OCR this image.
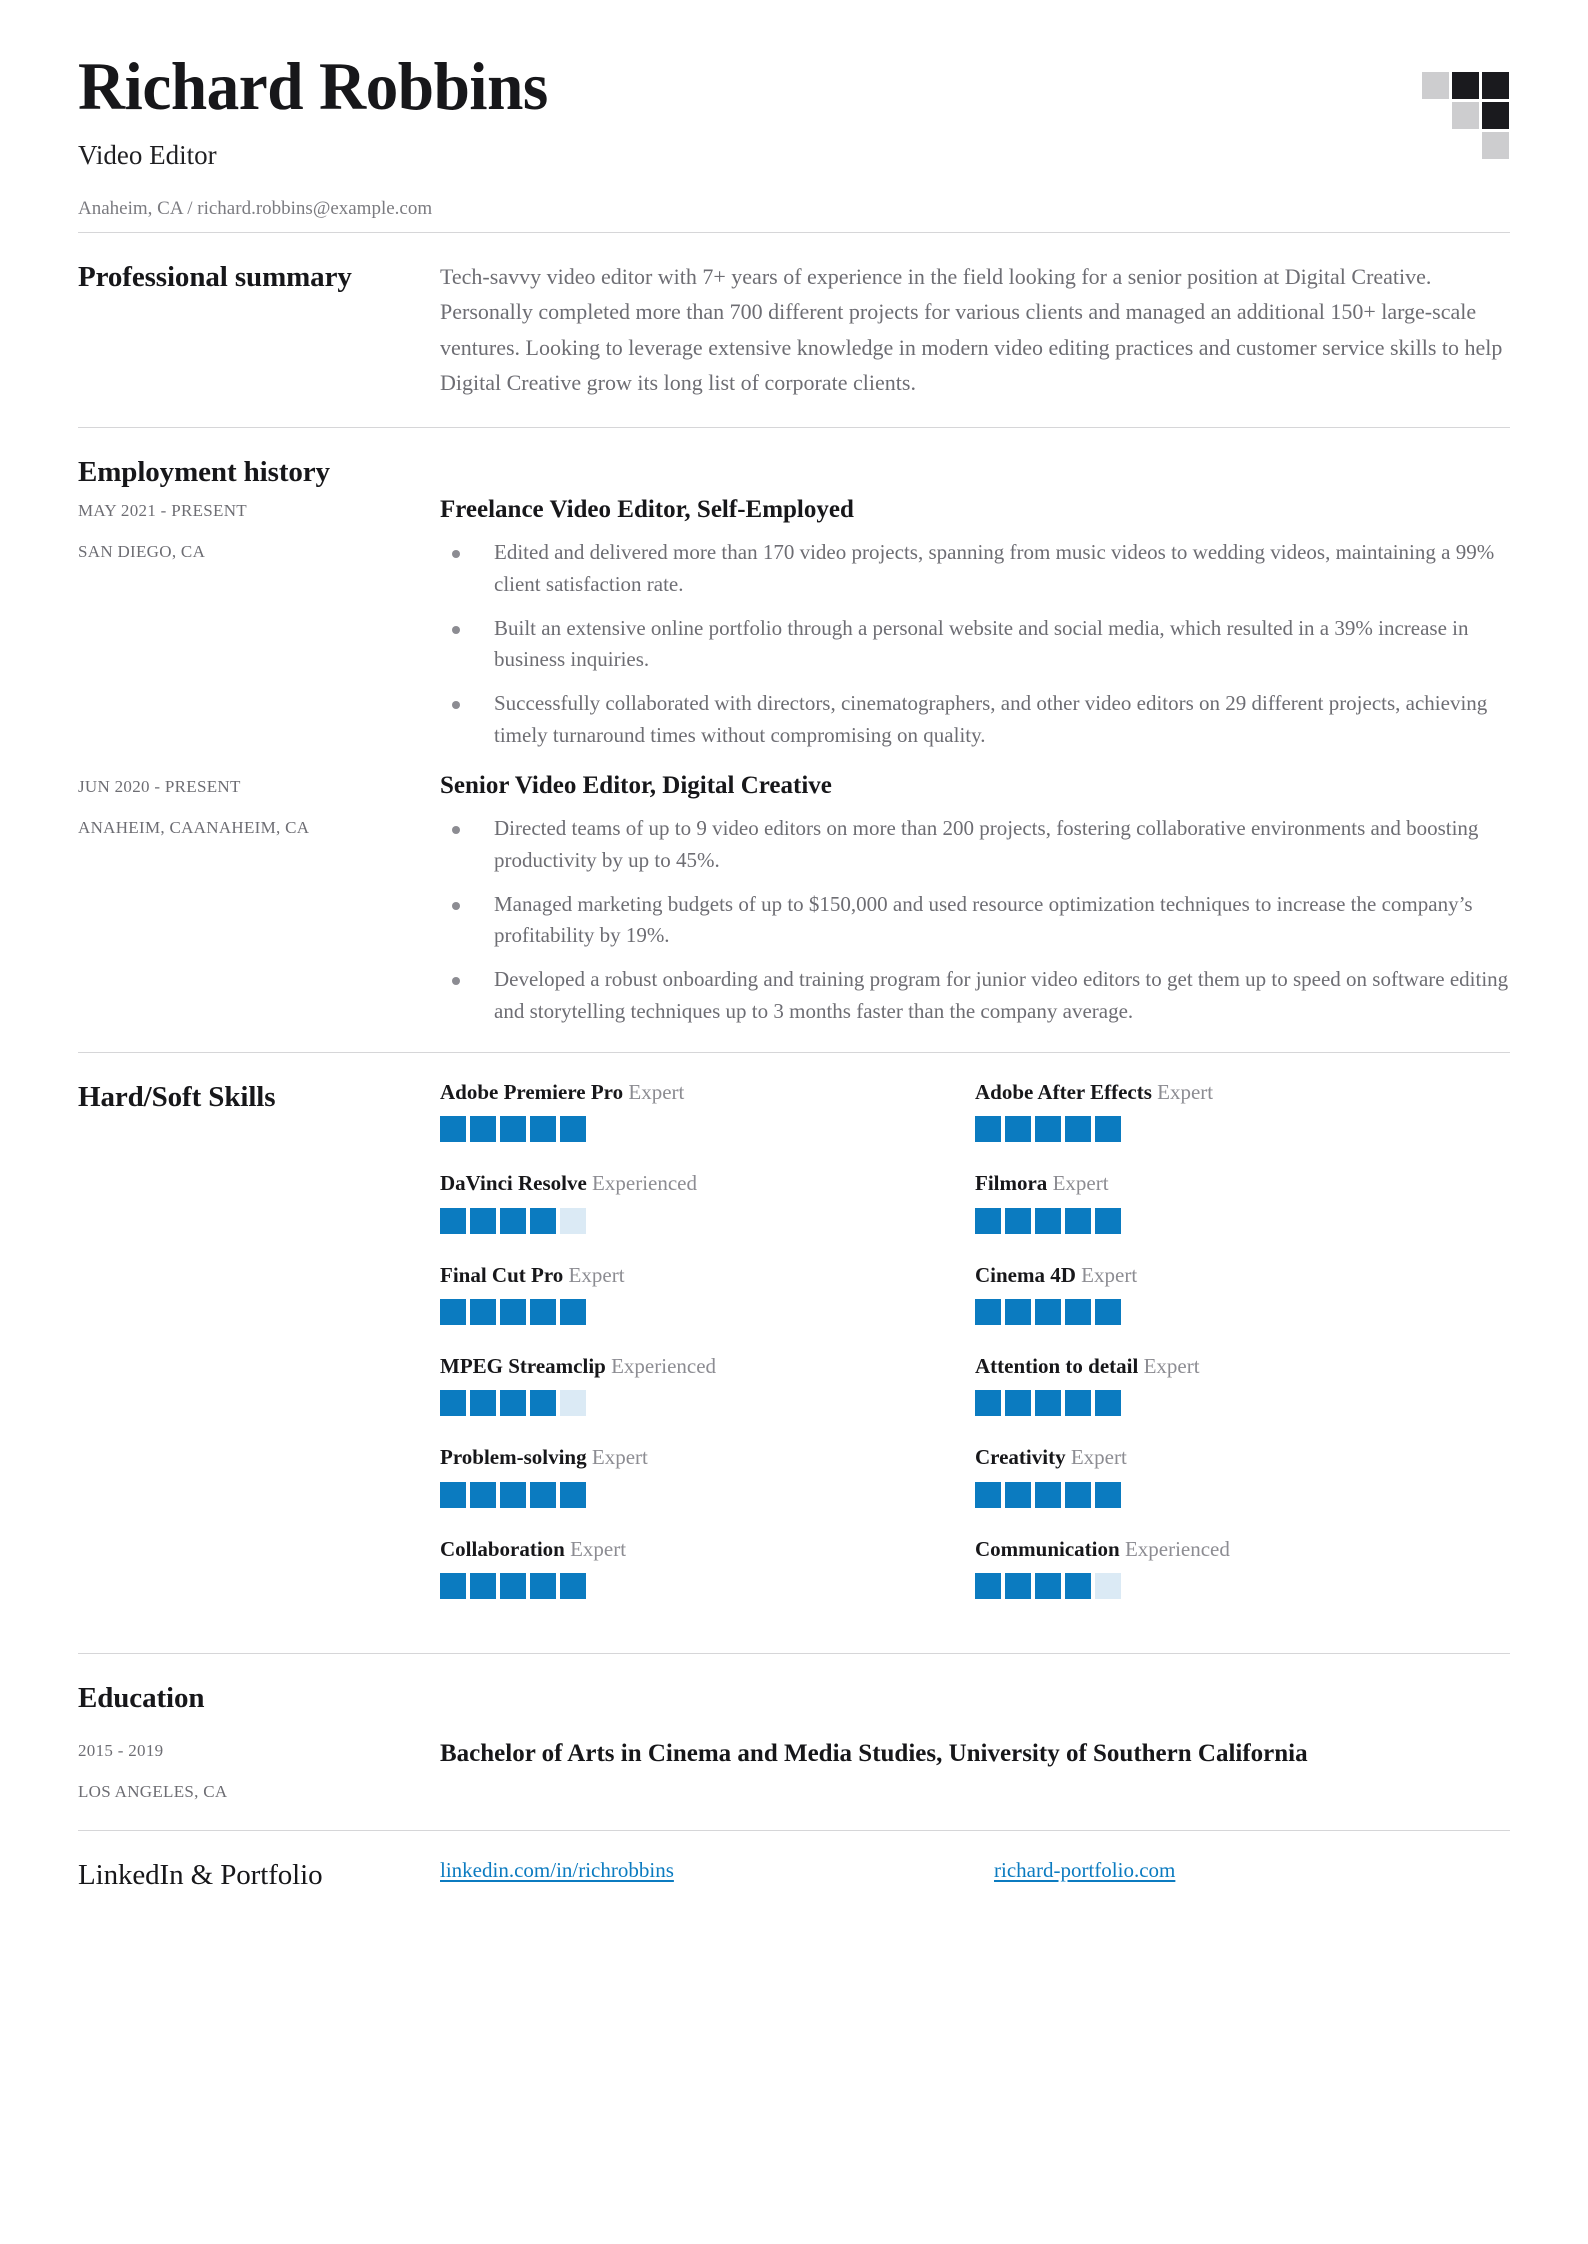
Richard Robbins
Video Editor
Anaheim, CA / richard.robbins@example.com
Professional summary	Tech-savvy video editor with 7+ years of experience in the field looking for a senior position at Digital Creative. Personally completed more than 700 different projects for various clients and managed an additional 150+ large-scale ventures. Looking to leverage extensive knowledge in modern video editing practices and customer service skills to help Digital Creative grow its long list of corporate clients.

Employment history
MAY 2021 - PRESENT
SAN DIEGO, CA
Freelance Video Editor, Self-Employed
Edited and delivered more than 170 video projects, spanning from music videos to wedding videos, maintaining a 99% client satisfaction rate.
Built an extensive online portfolio through a personal website and social media, which resulted in a 39% increase in business inquiries.
Successfully collaborated with directors, cinematographers, and other video editors on 29 different projects, achieving timely turnaround times without compromising on quality.
JUN 2020 - PRESENT
ANAHEIM, CAANAHEIM, CA
Senior Video Editor, Digital Creative
Directed teams of up to 9 video editors on more than 200 projects, fostering collaborative environments and boosting productivity by up to 45%.
Managed marketing budgets of up to $150,000 and used resource optimization techniques to increase the company’s profitability by 19%.
Developed a robust onboarding and training program for junior video editors to get them up to speed on software editing and storytelling techniques up to 3 months faster than the company average.
Hard/Soft Skills	Adobe Premiere Pro Expert	Adobe After Effects Expert
DaVinci Resolve Experienced	Filmora Expert
Final Cut Pro Expert	Cinema 4D Expert
MPEG Streamclip Experienced	Attention to detail Expert
Problem-solving Expert	Creativity Expert
Collaboration Expert	Communication Experienced
Education
2015 - 2019
LOS ANGELES, CA
Bachelor of Arts in Cinema and Media Studies, University of Southern California
LinkedIn & Portfolio	linkedin.com/in/richrobbins	richard-portfolio.com
